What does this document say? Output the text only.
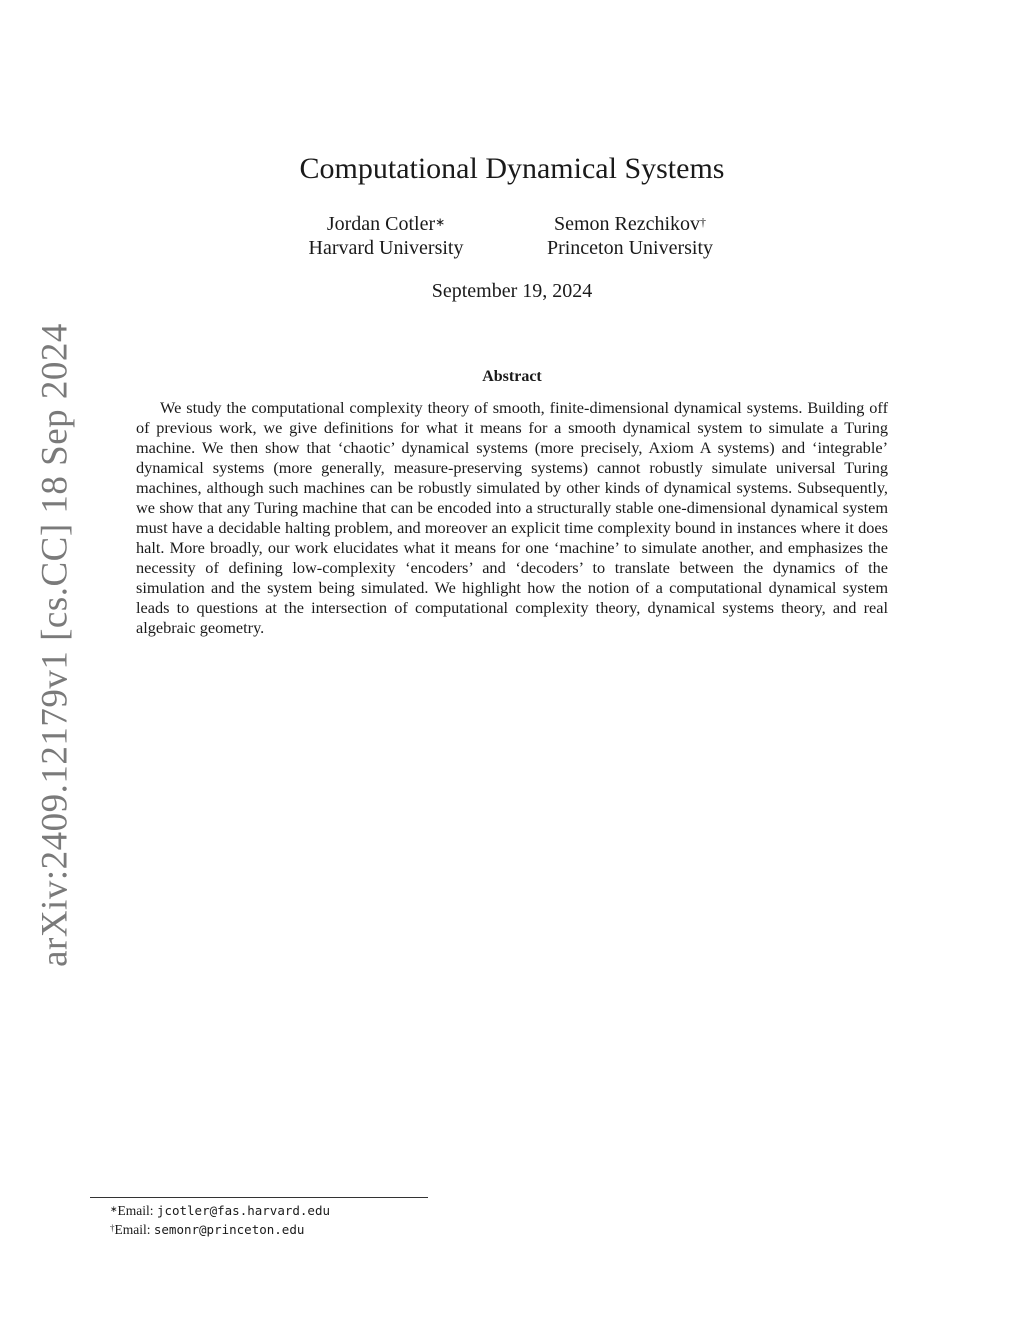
arXiv:2409.12179v1 [cs.CC] 18 Sep 2024
Computational Dynamical Systems
Jordan Cotler∗
Harvard University
Semon Rezchikov†
Princeton University
September 19, 2024
Abstract
We study the computational complexity theory of smooth, finite-dimensional dynamical systems. Building off of previous work, we give definitions for what it means for a smooth dynamical system to simulate a Turing machine. We then show that ‘chaotic’ dynamical systems (more precisely, Axiom A systems) and ‘integrable’ dynamical systems (more generally, measure-preserving systems) cannot robustly simulate universal Turing machines, although such machines can be robustly simulated by other kinds of dynamical systems. Subsequently, we show that any Turing machine that can be encoded into a structurally stable one-dimensional dynamical system must have a decidable halting problem, and moreover an explicit time complexity bound in instances where it does halt. More broadly, our work elucidates what it means for one ‘machine’ to simulate another, and emphasizes the necessity of defining low-complexity ‘encoders’ and ‘decoders’ to translate between the dynamics of the simulation and the system being simulated. We highlight how the notion of a computational dynamical system leads to questions at the intersection of computational complexity theory, dynamical systems theory, and real algebraic geometry.
∗Email: jcotler@fas.harvard.edu
†Email: semonr@princeton.edu
